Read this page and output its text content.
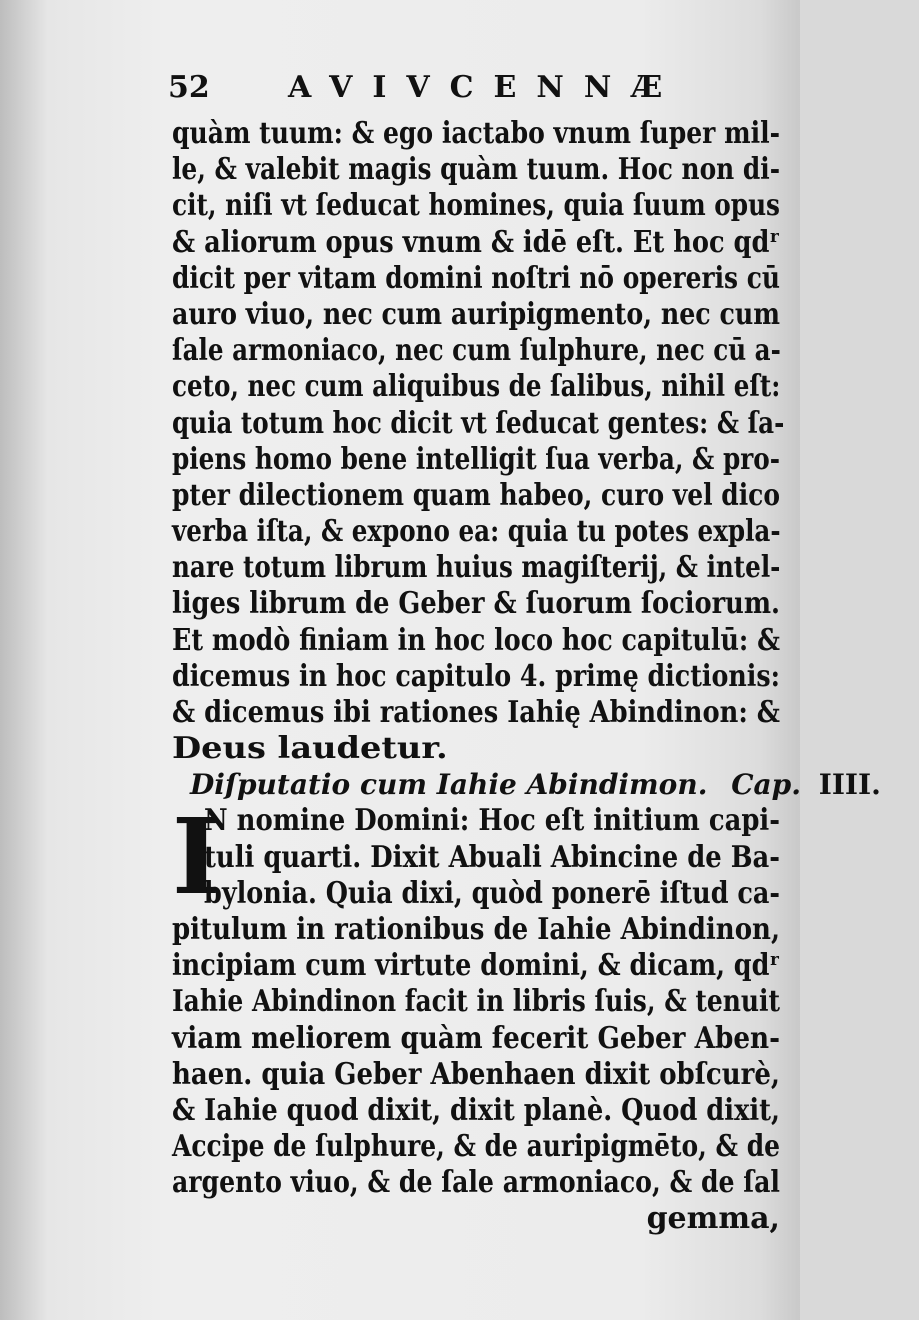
52	AVIVCENNÆ
quàm tuum: & ego iactabo vnum ſuper mil-
le, & valebit magis quàm tuum. Hoc non di-
cit, niſi vt ſeducat homines, quia ſuum opus
& aliorum opus vnum & idē eſt. Et hoc qdʳ
dicit per vitam domini noſtri nō opereris cū
auro viuo, nec cum auripigmento, nec cum
ſale armoniaco, nec cum ſulphure, nec cū a-
ceto, nec cum aliquibus de ſalibus, nihil eſt:
quia totum hoc dicit vt ſeducat gentes: & ſa-
piens homo bene intelligit ſua verba, & pro-
pter dilectionem quam habeo, curo vel dico
verba iſta, & expono ea: quia tu potes expla-
nare totum librum huius magiſterij, & intel-
liges librum de Geber & ſuorum ſociorum.
Et modò finiam in hoc loco hoc capitulū: &
dicemus in hoc capitulo 4. primę dictionis:
& dicemus ibi rationes Iahię Abindinon: &
Deus laudetur.
Diſputatio cum Iahie Abindimon. Cap. IIII.
I
N nomine Domini: Hoc eſt initium capi-
tuli quarti. Dixit Abuali Abincine de Ba-
bylonia. Quia dixi, quòd ponerē iſtud ca-
pitulum in rationibus de Iahie Abindinon,
incipiam cum virtute domini, & dicam, qdʳ
Iahie Abindinon facit in libris ſuis, & tenuit
viam meliorem quàm fecerit Geber Aben-
haen. quia Geber Abenhaen dixit obſcurè,
& Iahie quod dixit, dixit planè. Quod dixit,
Accipe de ſulphure, & de auripigmēto, & de
argento viuo, & de ſale armoniaco, & de ſal
gemma,
